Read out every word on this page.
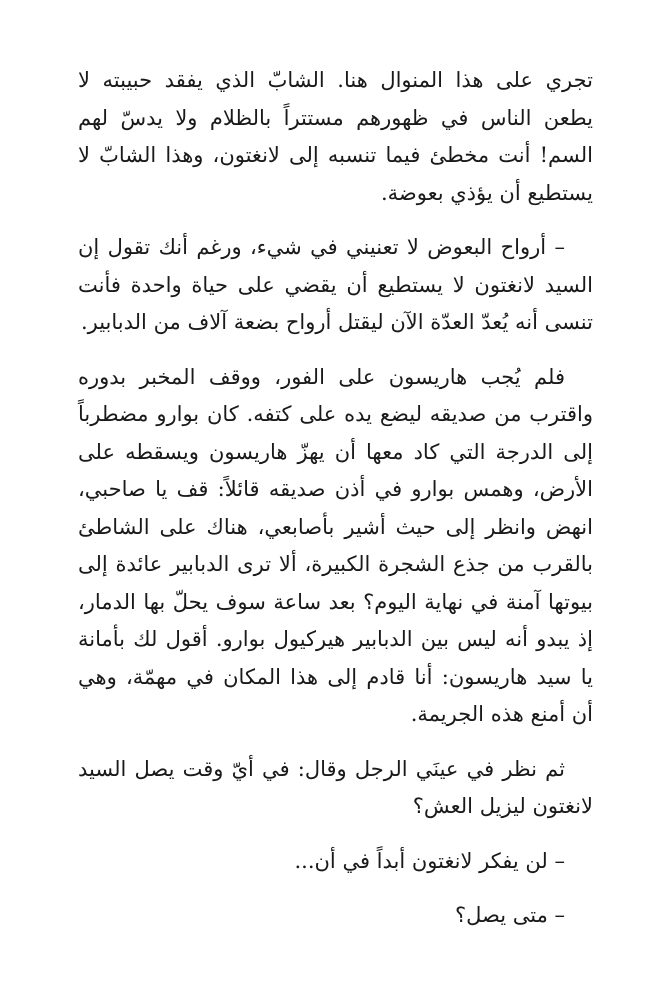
تجري على هذا المنوال هنا. الشابّ الذي يفقد حبيبته لا يطعن الناس في ظهورهم مستتراً بالظلام ولا يدسّ لهم السم! أنت مخطئ فيما تنسبه إلى لانغتون، وهذا الشابّ لا يستطيع أن يؤذي بعوضة.

– أرواح البعوض لا تعنيني في شيء، ورغم أنك تقول إن السيد لانغتون لا يستطيع أن يقضي على حياة واحدة فأنت تنسى أنه يُعدّ العدّة الآن ليقتل أرواح بضعة آلاف من الدبابير.

فلم يُجب هاريسون على الفور، ووقف المخبر بدوره واقترب من صديقه ليضع يده على كتفه. كان بوارو مضطرباً إلى الدرجة التي كاد معها أن يهزّ هاريسون ويسقطه على الأرض، وهمس بوارو في أذن صديقه قائلاً: قف يا صاحبي، انهض وانظر إلى حيث أشير بأصابعي، هناك على الشاطئ بالقرب من جذع الشجرة الكبيرة، ألا ترى الدبابير عائدة إلى بيوتها آمنة في نهاية اليوم؟ بعد ساعة سوف يحلّ بها الدمار، إذ يبدو أنه ليس بين الدبابير هيركيول بوارو. أقول لك بأمانة يا سيد هاريسون: أنا قادم إلى هذا المكان في مهمّة، وهي أن أمنع هذه الجريمة.

ثم نظر في عينَي الرجل وقال: في أيّ وقت يصل السيد لانغتون ليزيل العش؟

– لن يفكر لانغتون أبداً في أن...

– متى يصل؟
